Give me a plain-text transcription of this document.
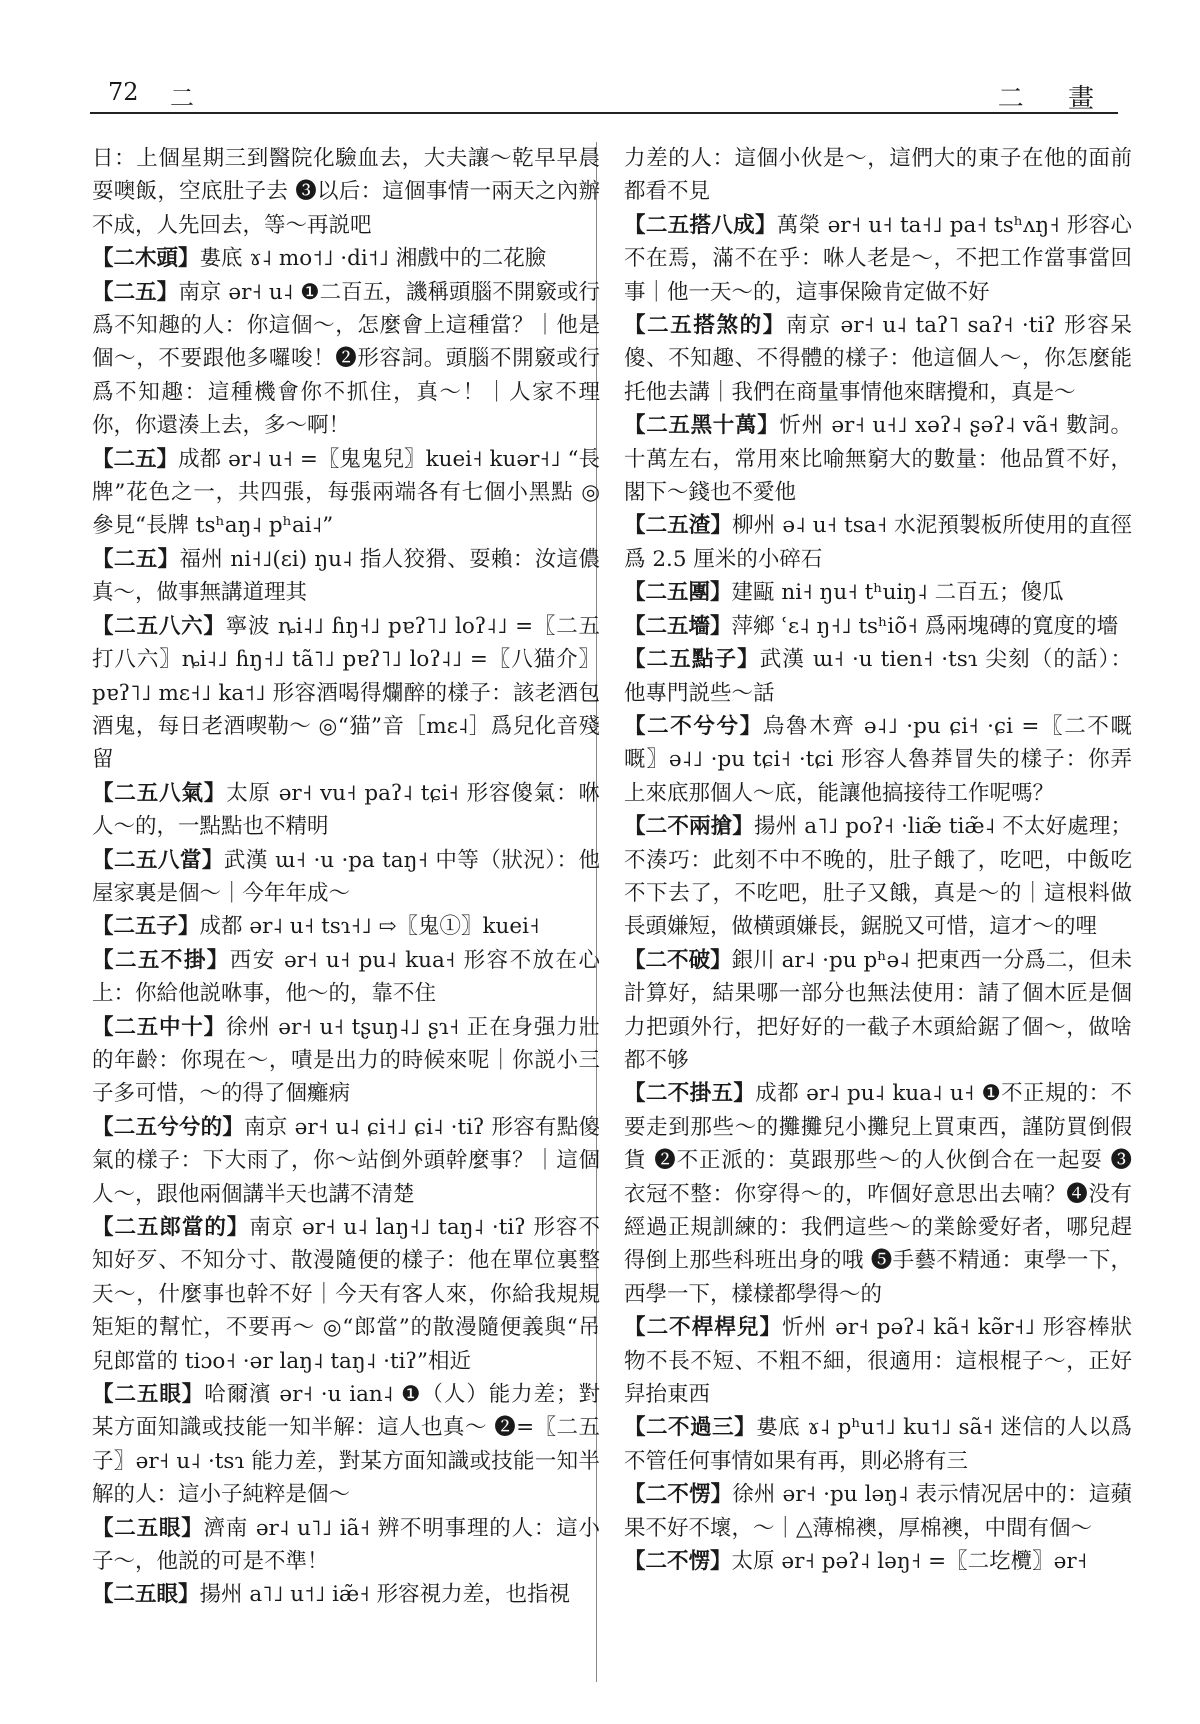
72 二	二 畫

日：上個星期三到醫院化驗血去，大夫讓～乾早早晨耍噢飯，空底肚子去 ❸以后：這個事情一兩天之內辦不成，人先回去，等～再説吧

【二木頭】婁底 ɤ˨ mo˦˩ ·di˦˩ 湘戲中的二花臉

【二五】南京 ər˧ u˨ ❶二百五，譏稱頭腦不開竅或行爲不知趣的人：你這個～，怎麼會上這種當？｜他是個～，不要跟他多囉唆！❷形容詞。頭腦不開竅或行爲不知趣：這種機會你不抓住，真～！｜人家不理你，你還湊上去，多～啊！

【二五】成都 ər˨ u˧ =〖鬼鬼兒〗kuei˧ kuər˧˩ “長牌”花色之一，共四張，每張兩端各有七個小黑點 ◎參見“長牌 tsʰaŋ˨ pʰai˨”

【二五】福州 ni˧˩(ɛi) ŋu˨ 指人狡猾、耍賴：汝這儂真～，做事無講道理其

【二五八六】寧波 ȵi˨˩ ɦŋ˧˩ pɐʔ˥˩ loʔ˨˩ =〖二五打八六〗ȵi˨˩ ɦŋ˧˩ tã˥˩ pɐʔ˥˩ loʔ˨˩ =〖八猫介〗pɐʔ˥˩ mɛ˧˩ ka˦˩ 形容酒喝得爛醉的樣子：該老酒包酒鬼，每日老酒喫勒～ ◎“猫”音［mɛ˨］爲兒化音殘留

【二五八氣】太原 ər˧ vu˧ paʔ˨ tɕi˧ 形容傻氣：咻人～的，一點點也不精明

【二五八當】武漢 ɯ˧ ·u ·pa taŋ˧ 中等（狀況）：他屋家裏是個～｜今年年成～

【二五子】成都 ər˨ u˧ tsɿ˧˩ ⇨〖鬼①〗kuei˧

【二五不掛】西安 ər˧ u˧ pu˨ kua˧ 形容不放在心上：你給他説咻事，他～的，靠不住

【二五中十】徐州 ər˧ u˧ tʂuŋ˨˩ ʂɿ˧ 正在身强力壯的年齡：你現在～，嘖是出力的時候來呢｜你説小三子多可惜，～的得了個癱病

【二五兮兮的】南京 ər˧ u˨ ɕi˧˩ ɕi˨ ·tiʔ 形容有點傻氣的樣子：下大雨了，你～站倒外頭幹麼事？｜這個人～，跟他兩個講半天也講不清楚

【二五郎當的】南京 ər˧ u˨ laŋ˧˩ taŋ˨ ·tiʔ 形容不知好歹、不知分寸、散漫隨便的樣子：他在單位裏整天～，什麼事也幹不好｜今天有客人來，你給我規規矩矩的幫忙，不要再～ ◎“郎當”的散漫隨便義與“吊兒郎當的 tiɔo˧ ·ər laŋ˨ taŋ˨ ·tiʔ”相近

【二五眼】哈爾濱 ər˧ ·u ian˨ ❶（人）能力差；對某方面知識或技能一知半解：這人也真～ ❷=〖二五子〗ər˧ u˨ ·tsɿ 能力差，對某方面知識或技能一知半解的人：這小子純粹是個～

【二五眼】濟南 ər˨ u˥˩ iã˧ 辨不明事理的人：這小子～，他説的可是不準！

【二五眼】揚州 a˥˩ u˦˩ iæ̃˧ 形容視力差，也指視

力差的人：這個小伙是～，這們大的東子在他的面前都看不見

【二五搭八成】萬榮 ər˧ u˧ ta˧˩ pa˧ tsʰʌŋ˧ 形容心不在焉，滿不在乎：咻人老是～，不把工作當事當回事｜他一天～的，這事保險肯定做不好

【二五搭煞的】南京 ər˧ u˨ taʔ˥ saʔ˧ ·tiʔ 形容呆傻、不知趣、不得體的樣子：他這個人～，你怎麼能托他去講｜我們在商量事情他來瞎攪和，真是～

【二五黑十萬】忻州 ər˧ u˧˩ xəʔ˨ ʂəʔ˨ vã˧ 數詞。十萬左右，常用來比喻無窮大的數量：他品質不好，閣下～錢也不愛他

【二五渣】柳州 ə˨ u˧ tsa˧ 水泥預製板所使用的直徑爲 2.5 厘米的小碎石

【二五團】建甌 ni˧ ŋu˧ tʰuiŋ˨ 二百五；傻瓜

【二五墻】萍鄉 ʿɛ˨ ŋ˧˩ tsʰiõ˧ 爲兩塊磚的寬度的墻

【二五點子】武漢 ɯ˧ ·u tien˧ ·tsɿ 尖刻（的話）：他專門説些～話

【二不兮兮】烏魯木齊 ə˨˩ ·pu ɕi˧ ·ɕi =〖二不嘅嘅〗ə˨˩ ·pu tɕi˧ ·tɕi 形容人魯莽冒失的樣子：你弄上來底那個人～底，能讓他搞接待工作呢嗎？

【二不兩搶】揚州 a˥˩ poʔ˧ ·liæ̃ tiæ̃˨ 不太好處理；不湊巧：此刻不中不晚的，肚子餓了，吃吧，中飯吃不下去了，不吃吧，肚子又餓，真是～的｜這根料做長頭嫌短，做横頭嫌長，鋸脱又可惜，這才～的哩

【二不破】銀川 ar˨ ·pu pʰə˨ 把東西一分爲二，但未計算好，結果哪一部分也無法使用：請了個木匠是個力把頭外行，把好好的一截子木頭給鋸了個～，做啥都不够

【二不掛五】成都 ər˨ pu˨ kua˨ u˧ ❶不正規的：不要走到那些～的攤攤兒小攤兒上買東西，謹防買倒假貨 ❷不正派的：莫跟那些～的人伙倒合在一起耍 ❸衣冠不整：你穿得～的，咋個好意思出去喃？❹没有經過正規訓練的：我們這些～的業餘愛好者，哪兒趕得倒上那些科班出身的哦 ❺手藝不精通：東學一下，西學一下，樣樣都學得～的

【二不桿桿兒】忻州 ər˧ pəʔ˨ kã˧ kə̃r˧˩ 形容棒狀物不長不短、不粗不細，很適用：這根棍子～，正好舁抬東西

【二不過三】婁底 ɤ˨ pʰu˦˩ ku˦˩ sã˧ 迷信的人以爲不管任何事情如果有再，則必將有三

【二不愣】徐州 ər˧ ·pu ləŋ˨ 表示情况居中的：這蘋果不好不壞，～｜△薄棉襖，厚棉襖，中間有個～

【二不愣】太原 ər˧ pəʔ˨ ləŋ˧ =〖二圪欖〗ər˧
